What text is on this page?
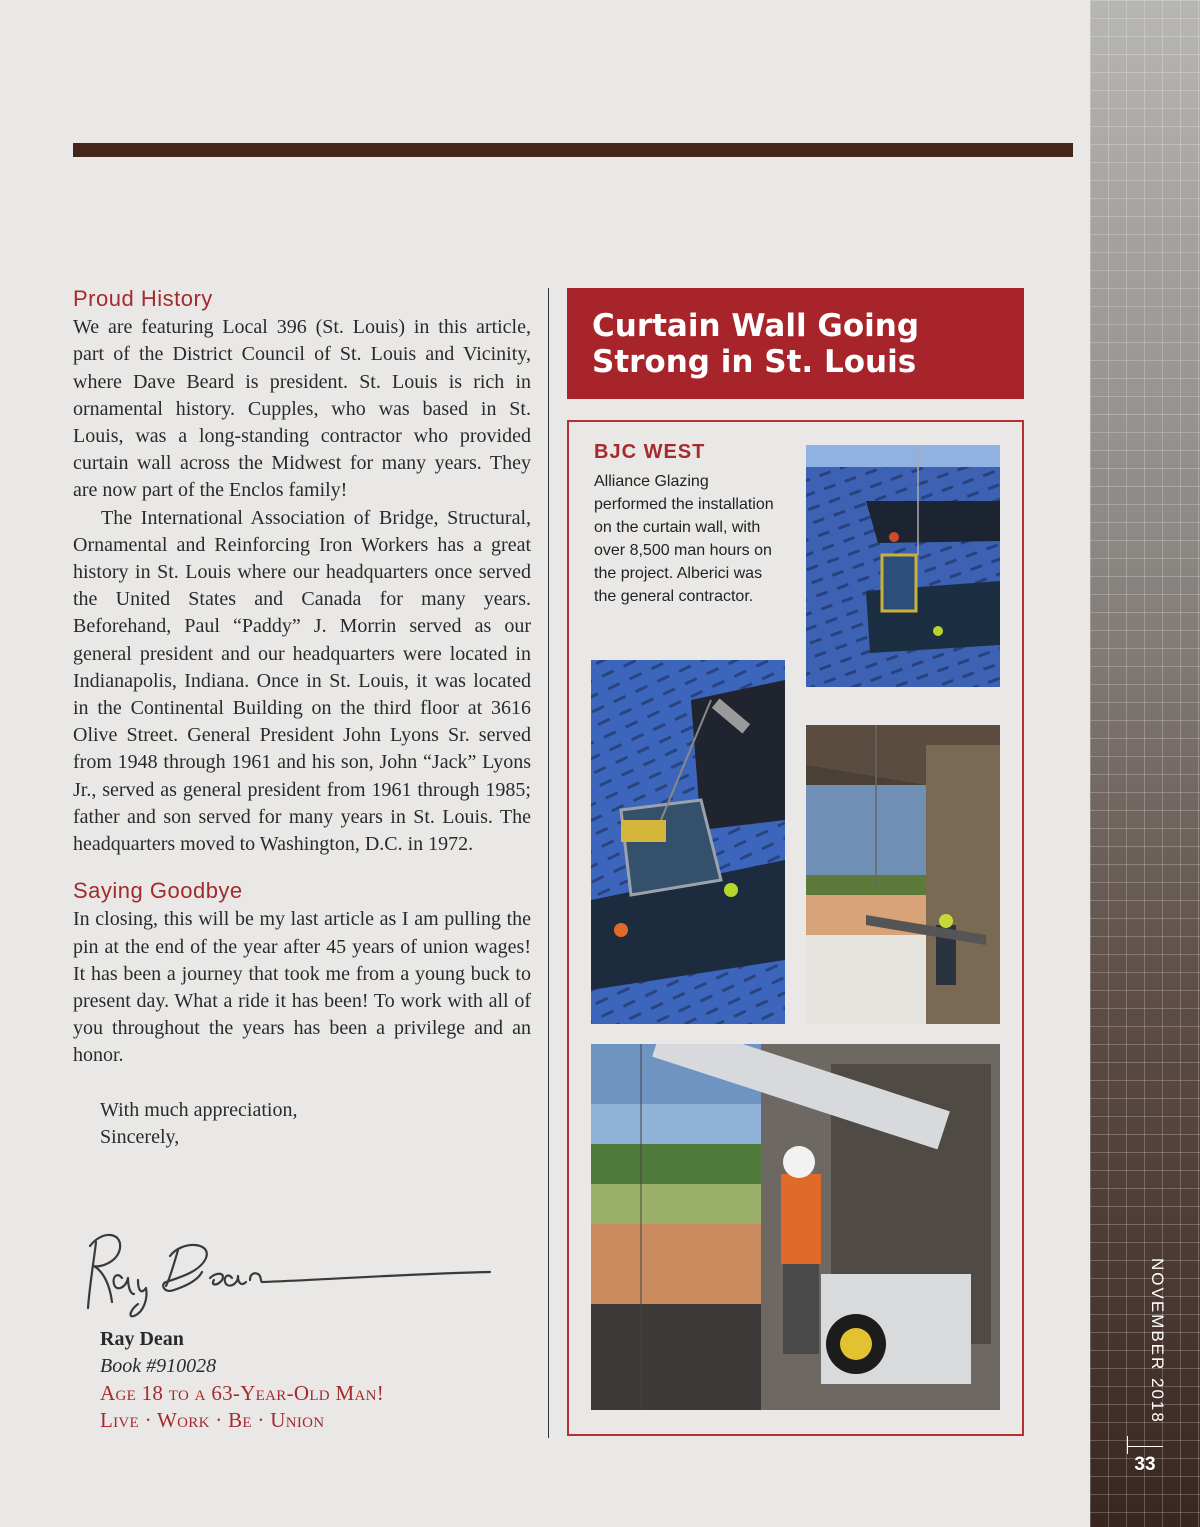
NOVEMBER 2018
33
Proud History

We are featuring Local 396 (St. Louis) in this article, part of the District Council of St. Louis and Vicinity, where Dave Beard is president. St. Louis is rich in ornamental history. Cupples, who was based in St. Louis, was a long-standing contractor who provided curtain wall across the Midwest for many years. They are now part of the Enclos family!

The International Association of Bridge, Structural, Ornamental and Reinforcing Iron Workers has a great history in St. Louis where our headquarters once served the United States and Canada for many years. Beforehand, Paul “Paddy” J. Morrin served as our general president and our headquarters were located in Indianapolis, Indiana. Once in St. Louis, it was located in the Continental Building on the third floor at 3616 Olive Street. General President John Lyons Sr. served from 1948 through 1961 and his son, John “Jack” Lyons Jr., served as general president from 1961 through 1985; father and son served for many years in St. Louis. The headquarters moved to Washington, D.C. in 1972.

Saying Goodbye

In closing, this will be my last article as I am pulling the pin at the end of the year after 45 years of union wages! It has been a journey that took me from a young buck to present day. What a ride it has been! To work with all of you throughout the years has been a privilege and an honor.

With much appreciation,

Sincerely,

Ray Dean
Book #910028
Age 18 to a 63-Year-Old Man!
Live · Work · Be · Union
Curtain Wall Going
Strong in St. Louis
BJC WEST
Alliance Glazing performed the installation on the curtain wall, with over 8,500 man hours on the project. Alberici was the general contractor.
